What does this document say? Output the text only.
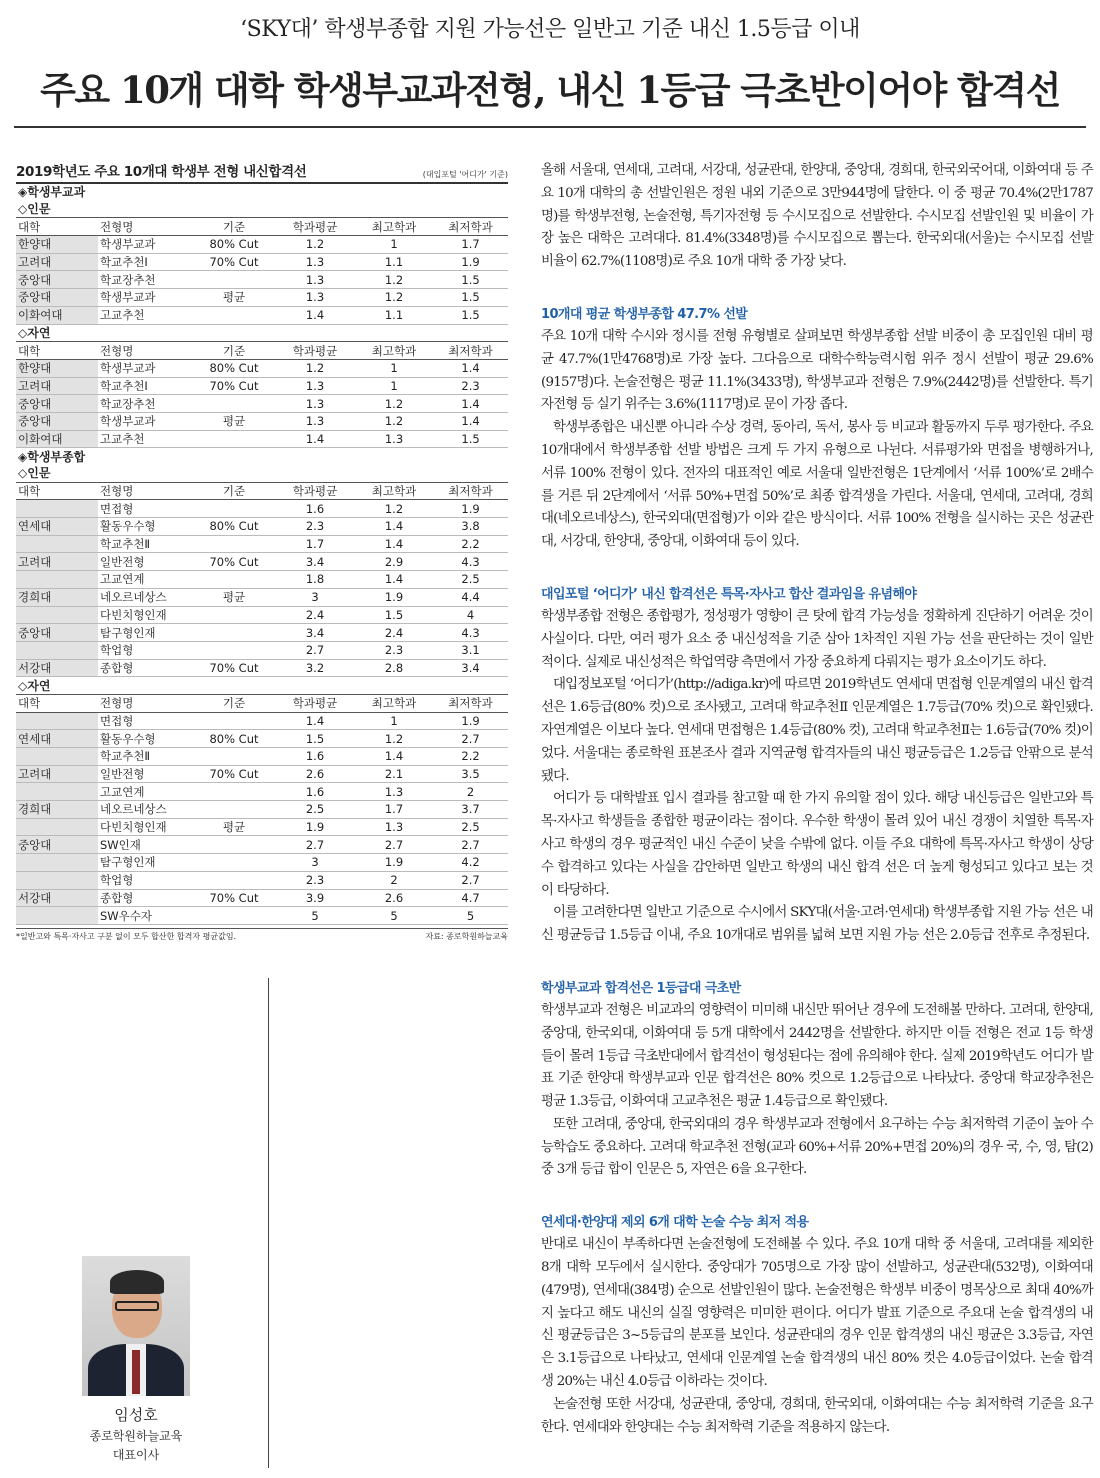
‘SKY대’ 학생부종합 지원 가능선은 일반고 기준 내신 1.5등급 이내
주요 10개 대학 학생부교과전형, 내신 1등급 극초반이어야 합격선
2019학년도 주요 10개대 학생부 전형 내신합격선	(대입포털 '어디가' 기준)
◈학생부교과					
◇인문					
대학	전형명	기준	학과평균	최고학과	최저학과
한양대	학생부교과	80% Cut	1.2	1	1.7
고려대	학교추천Ⅰ	70% Cut	1.3	1.1	1.9
중앙대	학교장추천		1.3	1.2	1.5
중앙대	학생부교과	평균	1.3	1.2	1.5
이화여대	고교추천		1.4	1.1	1.5
◇자연					
대학	전형명	기준	학과평균	최고학과	최저학과
한양대	학생부교과	80% Cut	1.2	1	1.4
고려대	학교추천Ⅰ	70% Cut	1.3	1	2.3
중앙대	학교장추천		1.3	1.2	1.4
중앙대	학생부교과	평균	1.3	1.2	1.4
이화여대	고교추천		1.4	1.3	1.5
◈학생부종합					
◇인문					
대학	전형명	기준	학과평균	최고학과	최저학과
	면접형		1.6	1.2	1.9
연세대	활동우수형	80% Cut	2.3	1.4	3.8
	학교추천Ⅱ		1.7	1.4	2.2
고려대	일반전형	70% Cut	3.4	2.9	4.3
	고교연계		1.8	1.4	2.5
경희대	네오르네상스	평균	3	1.9	4.4
	다빈치형인재		2.4	1.5	4
중앙대	탐구형인재		3.4	2.4	4.3
	학업형		2.7	2.3	3.1
서강대	종합형	70% Cut	3.2	2.8	3.4
◇자연					
대학	전형명	기준	학과평균	최고학과	최저학과
	면접형		1.4	1	1.9
연세대	활동우수형	80% Cut	1.5	1.2	2.7
	학교추천Ⅱ		1.6	1.4	2.2
고려대	일반전형	70% Cut	2.6	2.1	3.5
	고교연계		1.6	1.3	2
경희대	네오르네상스		2.5	1.7	3.7
	다빈치형인재	평균	1.9	1.3	2.5
중앙대	SW인재		2.7	2.7	2.7
	탐구형인재		3	1.9	4.2
	학업형		2.3	2	2.7
서강대	종합형	70% Cut	3.9	2.6	4.7
	SW우수자		5	5	5
*일반고와 특목·자사고 구분 없이 모두 합산한 합격자 평균값임.	자료: 종로학원하늘교육
임성호
종로학원하늘교육
대표이사

올해 서울대, 연세대, 고려대, 서강대, 성균관대, 한양대, 중앙대, 경희대, 한국외국어대, 이화여대 등 주요 10개 대학의 총 선발인원은 정원 내외 기준으로 3만944명에 달한다. 이 중 평균 70.4%(2만1787명)를 학생부전형, 논술전형, 특기자전형 등 수시모집으로 선발한다. 수시모집 선발인원 및 비율이 가장 높은 대학은 고려대다. 81.4%(3348명)를 수시모집으로 뽑는다. 한국외대(서울)는 수시모집 선발 비율이 62.7%(1108명)로 주요 10개 대학 중 가장 낮다.

10개대 평균 학생부종합 47.7% 선발

주요 10개 대학 수시와 정시를 전형 유형별로 살펴보면 학생부종합 선발 비중이 총 모집인원 대비 평균 47.7%(1만4768명)로 가장 높다. 그다음으로 대학수학능력시험 위주 정시 선발이 평균 29.6%(9157명)다. 논술전형은 평균 11.1%(3433명), 학생부교과 전형은 7.9%(2442명)를 선발한다. 특기자전형 등 실기 위주는 3.6%(1117명)로 문이 가장 좁다.

학생부종합은 내신뿐 아니라 수상 경력, 동아리, 독서, 봉사 등 비교과 활동까지 두루 평가한다. 주요 10개대에서 학생부종합 선발 방법은 크게 두 가지 유형으로 나뉜다. 서류평가와 면접을 병행하거나, 서류 100% 전형이 있다. 전자의 대표적인 예로 서울대 일반전형은 1단계에서 ‘서류 100%’로 2배수를 거른 뒤 2단계에서 ‘서류 50%+면접 50%’로 최종 합격생을 가린다. 서울대, 연세대, 고려대, 경희대(네오르네상스), 한국외대(면접형)가 이와 같은 방식이다. 서류 100% 전형을 실시하는 곳은 성균관대, 서강대, 한양대, 중앙대, 이화여대 등이 있다.

대입포털 ‘어디가’ 내신 합격선은 특목·자사고 합산 결과임을 유념해야

학생부종합 전형은 종합평가, 정성평가 영향이 큰 탓에 합격 가능성을 정확하게 진단하기 어려운 것이 사실이다. 다만, 여러 평가 요소 중 내신성적을 기준 삼아 1차적인 지원 가능 선을 판단하는 것이 일반적이다. 실제로 내신성적은 학업역량 측면에서 가장 중요하게 다뤄지는 평가 요소이기도 하다.

대입정보포털 ‘어디가’(http://adiga.kr)에 따르면 2019학년도 연세대 면접형 인문계열의 내신 합격선은 1.6등급(80% 컷)으로 조사됐고, 고려대 학교추천Ⅱ 인문계열은 1.7등급(70% 컷)으로 확인됐다. 자연계열은 이보다 높다. 연세대 면접형은 1.4등급(80% 컷), 고려대 학교추천Ⅱ는 1.6등급(70% 컷)이었다. 서울대는 종로학원 표본조사 결과 지역균형 합격자들의 내신 평균등급은 1.2등급 안팎으로 분석됐다.

어디가 등 대학발표 입시 결과를 참고할 때 한 가지 유의할 점이 있다. 해당 내신등급은 일반고와 특목·자사고 학생들을 종합한 평균이라는 점이다. 우수한 학생이 몰려 있어 내신 경쟁이 치열한 특목·자사고 학생의 경우 평균적인 내신 수준이 낮을 수밖에 없다. 이들 주요 대학에 특목·자사고 학생이 상당수 합격하고 있다는 사실을 감안하면 일반고 학생의 내신 합격 선은 더 높게 형성되고 있다고 보는 것이 타당하다.

이를 고려한다면 일반고 기준으로 수시에서 SKY대(서울·고려·연세대) 학생부종합 지원 가능 선은 내신 평균등급 1.5등급 이내, 주요 10개대로 범위를 넓혀 보면 지원 가능 선은 2.0등급 전후로 추정된다.

학생부교과 합격선은 1등급대 극초반

학생부교과 전형은 비교과의 영향력이 미미해 내신만 뛰어난 경우에 도전해볼 만하다. 고려대, 한양대, 중앙대, 한국외대, 이화여대 등 5개 대학에서 2442명을 선발한다. 하지만 이들 전형은 전교 1등 학생들이 몰려 1등급 극초반대에서 합격선이 형성된다는 점에 유의해야 한다. 실제 2019학년도 어디가 발표 기준 한양대 학생부교과 인문 합격선은 80% 컷으로 1.2등급으로 나타났다. 중앙대 학교장추천은 평균 1.3등급, 이화여대 고교추천은 평균 1.4등급으로 확인됐다.

또한 고려대, 중앙대, 한국외대의 경우 학생부교과 전형에서 요구하는 수능 최저학력 기준이 높아 수능학습도 중요하다. 고려대 학교추천 전형(교과 60%+서류 20%+면접 20%)의 경우 국, 수, 영, 탐(2) 중 3개 등급 합이 인문은 5, 자연은 6을 요구한다.

연세대·한양대 제외 6개 대학 논술 수능 최저 적용

반대로 내신이 부족하다면 논술전형에 도전해볼 수 있다. 주요 10개 대학 중 서울대, 고려대를 제외한 8개 대학 모두에서 실시한다. 중앙대가 705명으로 가장 많이 선발하고, 성균관대(532명), 이화여대(479명), 연세대(384명) 순으로 선발인원이 많다. 논술전형은 학생부 비중이 명목상으로 최대 40%까지 높다고 해도 내신의 실질 영향력은 미미한 편이다. 어디가 발표 기준으로 주요대 논술 합격생의 내신 평균등급은 3~5등급의 분포를 보인다. 성균관대의 경우 인문 합격생의 내신 평균은 3.3등급, 자연은 3.1등급으로 나타났고, 연세대 인문계열 논술 합격생의 내신 80% 컷은 4.0등급이었다. 논술 합격생 20%는 내신 4.0등급 이하라는 것이다.

논술전형 또한 서강대, 성균관대, 중앙대, 경희대, 한국외대, 이화여대는 수능 최저학력 기준을 요구한다. 연세대와 한양대는 수능 최저학력 기준을 적용하지 않는다.
